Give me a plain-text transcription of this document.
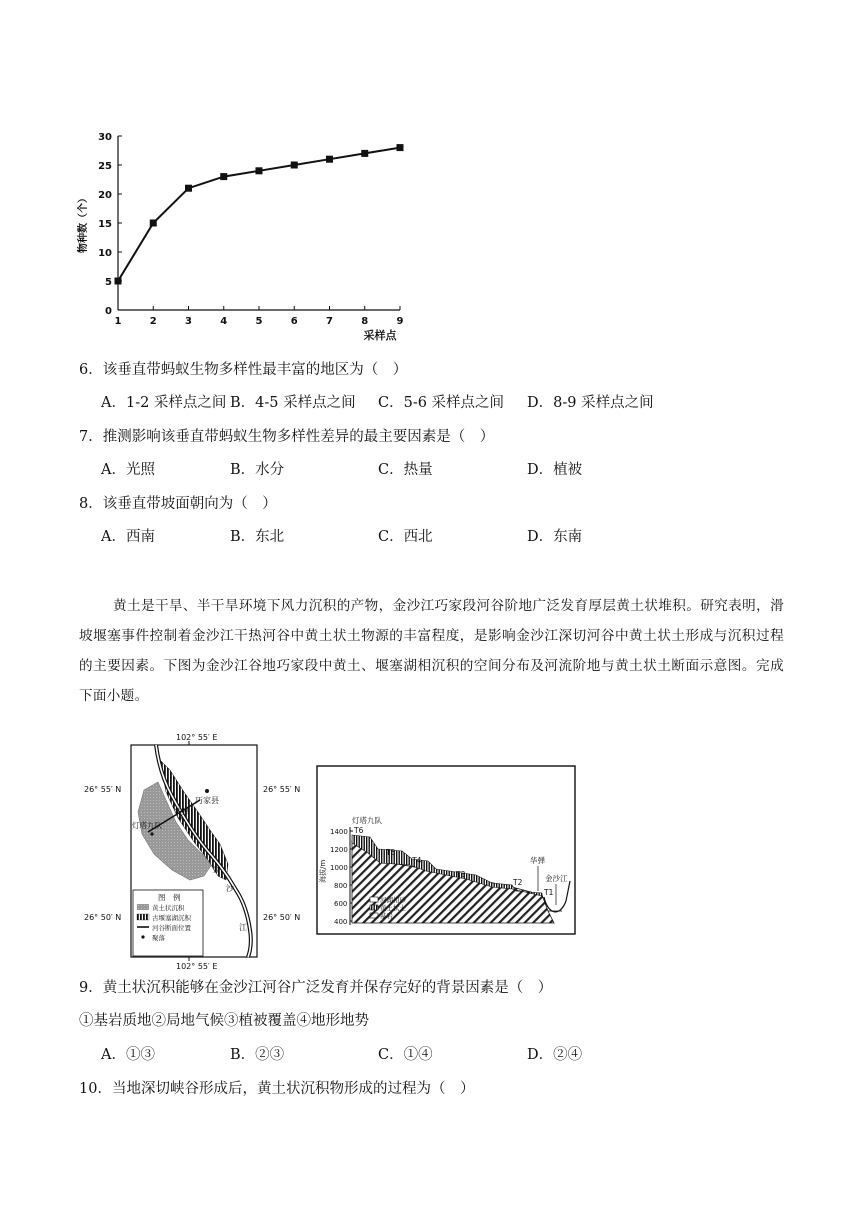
0
5
10
15
20
25
30
1	2	3	4	5	6	7	8	9
采样点
物种数（个）
6．该垂直带蚂蚁生物多样性最丰富的地区为（　）
A．1-2 采样点之间 B．4-5 采样点之间 C．5-6 采样点之间 D．8-9 采样点之间
7．推测影响该垂直带蚂蚁生物多样性差异的最主要因素是（　）
A．光照	B．水分	C．热量	D．植被
8．该垂直带坡面朝向为（　）
A．西南	B．东北	C．西北	D．东南
黄土是干旱、半干旱环境下风力沉积的产物，金沙江巧家段河谷阶地广泛发育厚层黄土状堆积。研究表明，滑坡堰塞事件控制着金沙江干热河谷中黄土状土物源的丰富程度，是影响金沙江深切河谷中黄土状土形成与沉积过程的主要因素。下图为金沙江谷地巧家段中黄土、堰塞湖相沉积的空间分布及河流阶地与黄土状土断面示意图。完成下面小题。
102° 55′ E
102° 55′ E
26° 55′ N	26° 55′ N
26° 50′ N	26° 50′ N
巧家县
华弾
灯塔九队
金
沙
江
图　例
黄土状沉积
古堰塞湖沉积
河谷断面位置
聚落
1400
1200
1000
800
600
400
海拔/m
T6
T5
T4
T3
T2
T1
灯塔九队
华弾
金沙江
河湖相砂
黄土状土
基岩
9．黄土状沉积能够在金沙江河谷广泛发育并保存完好的背景因素是（　）
①基岩质地②局地气候③植被覆盖④地形地势
A．①③	B．②③	C．①④	D．②④
10．当地深切峡谷形成后，黄土状沉积物形成的过程为（　）
